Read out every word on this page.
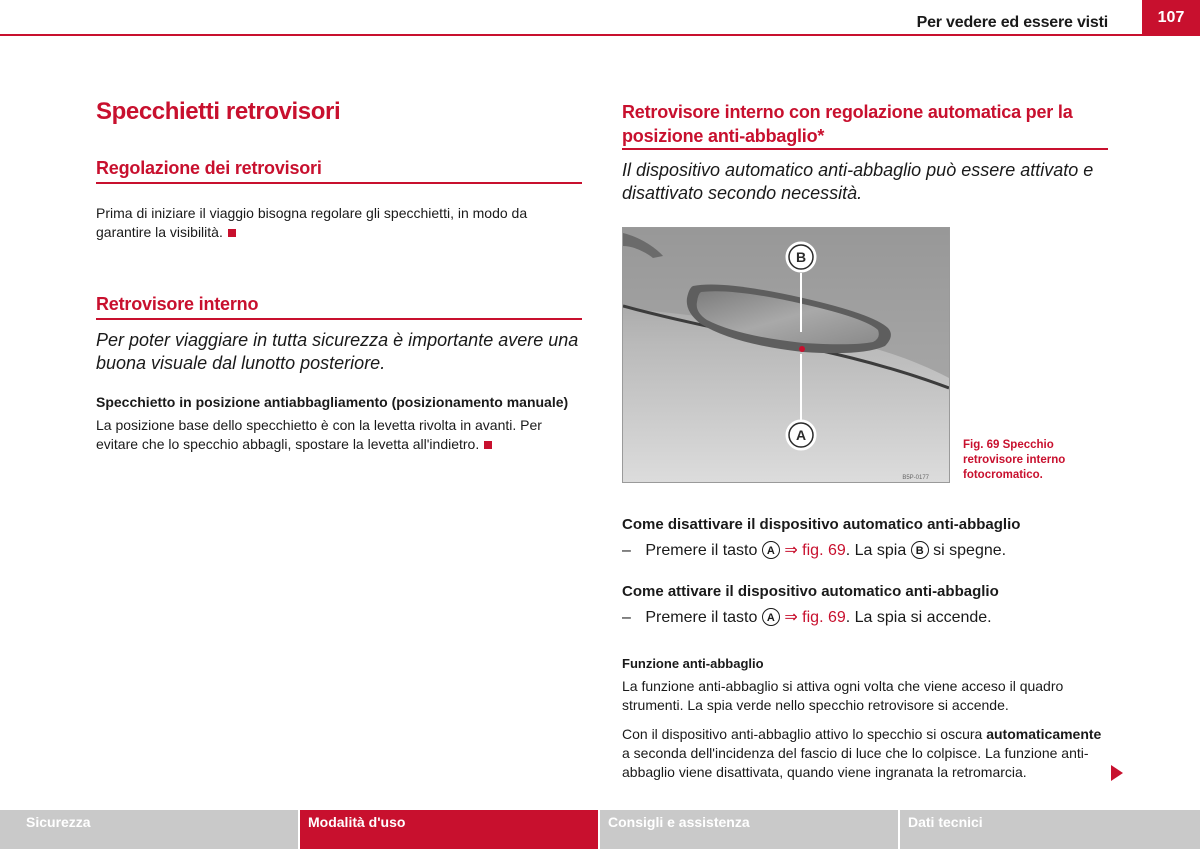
Per vedere ed essere visti	107
Specchietti retrovisori
Regolazione dei retrovisori
Prima di iniziare il viaggio bisogna regolare gli specchietti, in modo da garantire la visibilità.
Retrovisore interno
Per poter viaggiare in tutta sicurezza è importante avere una buona visuale dal lunotto posteriore.
Specchietto in posizione antiabbagliamento (posizionamento manuale)
La posizione base dello specchietto è con la levetta rivolta in avanti. Per evitare che lo specchio abbagli, spostare la levetta all'indietro.
Retrovisore interno con regolazione automatica per la posizione anti-abbaglio*
Il dispositivo automatico anti-abbaglio può essere attivato e disattivato secondo necessità.
B
A
B5P-0177
Fig. 69 Specchio retrovisore interno fotocromatico.
Come disattivare il dispositivo automatico anti-abbaglio
– Premere il tasto A ⇒ fig. 69. La spia B si spegne.
Come attivare il dispositivo automatico anti-abbaglio
– Premere il tasto A ⇒ fig. 69. La spia si accende.
Funzione anti-abbaglio
La funzione anti-abbaglio si attiva ogni volta che viene acceso il quadro strumenti. La spia verde nello specchio retrovisore si accende.
Con il dispositivo anti-abbaglio attivo lo specchio si oscura automaticamente a seconda dell'incidenza del fascio di luce che lo colpisce. La funzione anti-abbaglio viene disattivata, quando viene ingranata la retromarcia.
Sicurezza	Modalità d'uso	Consigli e assistenza	Dati tecnici
